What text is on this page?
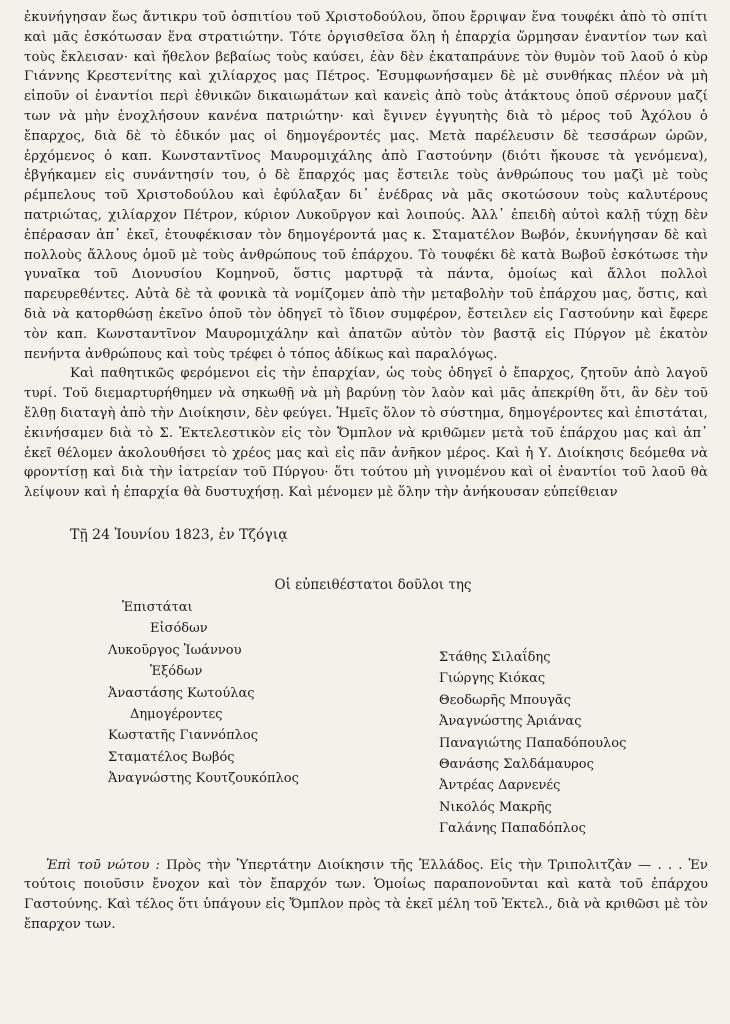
ἐκυνήγησαν ἕως ἄντικρυ τοῦ ὀσπιτίου τοῦ Χριστοδούλου, ὅπου ἔρριψαν ἕνα τουφέκι ἀπὸ τὸ σπίτι καὶ μᾶς ἐσκότωσαν ἕνα στρατιώτην. Τότε ὀργισθεῖσα ὅλη ἡ ἐπαρχία ὥρμησαν ἐναντίον των καὶ τοὺς ἔκλεισαν· καὶ ἤθελον βεβαίως τοὺς καύσει, ἐὰν δὲν ἐκαταπράυνε τὸν θυμὸν τοῦ λαοῦ ὁ κὺρ Γιάννης Κρεστενίτης καὶ χιλίαρχος μας Πέτρος. Ἐσυμφωνήσαμεν δὲ μὲ συνθήκας πλέον νὰ μὴ εἰποῦν οἱ ἐναντίοι περὶ ἐθνικῶν δικαιωμάτων καὶ κανεὶς ἀπὸ τοὺς ἀτάκτους ὁποῦ σέρνουν μαζί των νὰ μὴν ἐνοχλήσουν κανένα πατριώτην· καὶ ἔγινεν ἐγγυητὴς διὰ τὸ μέρος τοῦ Ἀχόλου ὁ ἔπαρχος, διὰ δὲ τὸ ἐδικόν μας οἱ δημογέροντές μας. Μετὰ παρέλευσιν δὲ τεσσάρων ὡρῶν, ἐρχόμενος ὁ καπ. Κωνσταντῖνος Μαυρομιχάλης ἀπὸ Γαστούνην (διότι ἤκουσε τὰ γενόμενα), ἐβγήκαμεν εἰς συνάντησίν του, ὁ δὲ ἔπαρχός μας ἔστειλε τοὺς ἀνθρώπους του μαζὶ μὲ τοὺς ρέμπελους τοῦ Χριστοδούλου καὶ ἐφύλαξαν δι᾿ ἐνέδρας νὰ μᾶς σκοτώσουν τοὺς καλυτέρους πατριώτας, χιλίαρχον Πέτρον, κύριον Λυκοῦργον καὶ λοιπούς. Ἀλλ᾿ ἐπειδὴ αὐτοὶ καλῇ τύχῃ δὲν ἐπέρασαν ἀπ᾿ ἐκεῖ, ἐτουφέκισαν τὸν δημογέροντά μας κ. Σταματέλον Βωβόν, ἐκυνήγησαν δὲ καὶ πολλοὺς ἄλλους ὁμοῦ μὲ τοὺς ἀνθρώπους τοῦ ἐπάρχου. Τὸ τουφέκι δὲ κατὰ Βωβοῦ ἐσκότωσε τὴν γυναῖκα τοῦ Διονυσίου Κομηνοῦ, ὅστις μαρτυρᾷ τὰ πάντα, ὁμοίως καὶ ἄλλοι πολλοὶ παρευρεθέντες. Αὐτὰ δὲ τὰ φονικὰ τὰ νομίζομεν ἀπὸ τὴν μεταβολὴν τοῦ ἐπάρχου μας, ὅστις, καὶ διὰ νὰ κατορθώσῃ ἐκεῖνο ὁποῦ τὸν ὁδηγεῖ τὸ ἴδιον συμφέρον, ἔστειλεν εἰς Γαστούνην καὶ ἔφερε τὸν καπ. Κωνσταντῖνον Μαυρομιχάλην καὶ ἀπατῶν αὐτὸν τὸν βαστᾷ εἰς Πύργον μὲ ἑκατὸν πενήντα ἀνθρώπους καὶ τοὺς τρέφει ὁ τόπος ἀδίκως καὶ παραλόγως.

Καὶ παθητικῶς φερόμενοι εἰς τὴν ἐπαρχίαν, ὡς τοὺς ὁδηγεῖ ὁ ἔπαρχος, ζητοῦν ἀπὸ λαγοῦ τυρί. Τοῦ διεμαρτυρήθημεν νὰ σηκωθῇ νὰ μὴ βαρύνῃ τὸν λαὸν καὶ μᾶς ἀπεκρίθη ὅτι, ἂν δὲν τοῦ ἔλθῃ διαταγὴ ἀπὸ τὴν Διοίκησιν, δὲν φεύγει. Ἡμεῖς ὅλον τὸ σύστημα, δημογέροντες καὶ ἐπιστάται, ἐκινήσαμεν διὰ τὸ Σ. Ἐκτελεστικὸν εἰς τὸν Ὄμπλον νὰ κριθῶμεν μετὰ τοῦ ἐπάρχου μας καὶ ἀπ᾿ ἐκεῖ θέλομεν ἀκολουθήσει τὸ χρέος μας καὶ εἰς πᾶν ἀνῆκον μέρος. Καὶ ἡ Υ. Διοίκησις δεόμεθα νὰ φροντίσῃ καὶ διὰ τὴν ἰατρείαν τοῦ Πύργου· ὅτι τούτου μὴ γινομένου καὶ οἱ ἐναντίοι τοῦ λαοῦ θὰ λείψουν καὶ ἡ ἐπαρχία θὰ δυστυχήσῃ. Καὶ μένομεν μὲ ὅλην τὴν ἀνήκουσαν εὐπείθειαν

Τῇ 24 Ἰουνίου 1823, ἐν Τζόγιᾳ
Οἱ εὐπειθέστατοι δοῦλοι της
Ἐπιστάται
Εἰσόδων
Λυκοῦργος Ἰωάννου
Ἐξόδων
Ἀναστάσης Κωτούλας
Δημογέροντες
Κωστατῆς Γιαννόπλος
Σταματέλος Βωβός
Ἀναγνώστης Κουτζουκόπλος
Στάθης Σιλαΐδης
Γιώργης Κιόκας
Θεοδωρῆς Μπουγᾶς
Ἀναγνώστης Ἀριάνας
Παναγιώτης Παπαδόπουλος
Θανάσης Σαλδάμαυρος
Ἀντρέας Δαρνενές
Νικολός Μακρῆς
Γαλάνης Παπαδόπλος

Ἐπὶ τοῦ νώτου : Πρὸς τὴν Ὑπερτάτην Διοίκησιν τῆς Ἑλλάδος. Εἰς τὴν Τριπολιτζὰν — . . . Ἐν τούτοις ποιοῦσιν ἔνοχον καὶ τὸν ἔπαρχόν των. Ὁμοίως παραπονοῦνται καὶ κατὰ τοῦ ἐπάρχου Γαστούνης. Καὶ τέλος ὅτι ὑπάγουν εἰς Ὄμπλον πρὸς τὰ ἐκεῖ μέλη τοῦ Ἐκτελ., διὰ νὰ κριθῶσι μὲ τὸν ἔπαρχον των.
